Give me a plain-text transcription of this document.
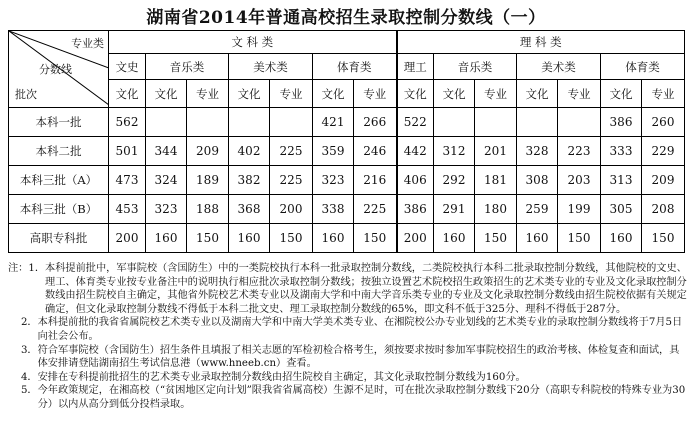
湖南省2014年普通高校招生录取控制分数线（一）
专业类
分数线
批次	文 科 类							理 科 类						
	文史	音乐类		美术类		体育类		理工	音乐类		美术类		体育类	
	文化	文化	专业	文化	专业	文化	专业	文化	文化	专业	文化	专业	文化	专业
本科一批	562					421	266	522					386	260
本科二批	501	344	209	402	225	359	246	442	312	201	328	223	333	229
本科三批（A）	473	324	189	382	225	323	216	406	292	181	308	203	313	209
本科三批（B）	453	323	188	368	200	338	225	386	291	180	259	199	305	208
高职专科批	200	160	150	160	150	160	150	200	160	150	160	150	160	150
注：1． 本科提前批中，军事院校（含国防生）中的一类院校执行本科一批录取控制分数线，二类院校执行本科二批录取控制分数线，其他院校的文史、理工、体育类专业按专业备注中的说明执行相应批次录取控制分数线；按独立设置艺术院校招生政策招生的艺术类专业的专业及文化录取控制分数线由招生院校自主确定，其他省外院校艺术类专业以及湖南大学和中南大学音乐类专业的专业及文化录取控制分数线由招生院校依据有关规定确定，但文化录取控制分数线不得低于本科二批文史、理工录取控制分数线的65%，即文科不低于325分、理科不得低于287分。
2． 本科提前批的我省省属院校艺术类专业以及湖南大学和中南大学美术类专业、在湘院校公办专业划线的艺术类专业的录取控制分数线将于7月5日向社会公布。
3． 符合军事院校（含国防生）招生条件且填报了相关志愿的军检初检合格考生，须按要求按时参加军事院校招生的政治考核、体检复查和面试，具体安排请登陆湖南招生考试信息港（www.hneeb.cn）查看。
4． 安排在专科提前批招生的艺术类专业录取控制分数线由招生院校自主确定，其文化录取控制分数线为160分。
5． 今年政策规定，在湘高校（“贫困地区定向计划”限我省省属高校）生源不足时，可在批次录取控制分数线下20分（高职专科院校的特殊专业为30分）以内从高分到低分投档录取。
